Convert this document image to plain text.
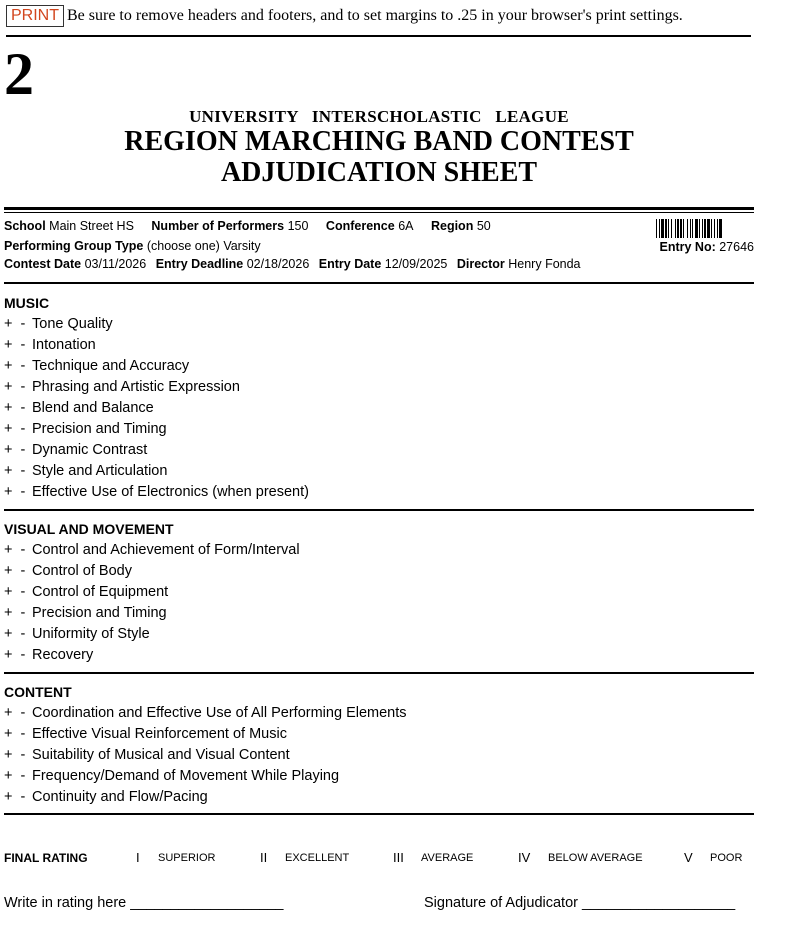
PRINT Be sure to remove headers and footers, and to set margins to .25 in your browser's print settings.
2
UNIVERSITY   INTERSCHOLASTIC   LEAGUE
REGION MARCHING BAND CONTEST
ADJUDICATION SHEET
School Main Street HS Number of Performers 150 Conference 6A Region 50
Performing Group Type (choose one) Varsity
Contest Date 03/11/2026 Entry Deadline 02/18/2026 Entry Date 12/09/2025 Director Henry Fonda
Entry No: 27646
MUSIC
+  - Tone Quality
+  - Intonation
+  - Technique and Accuracy
+  - Phrasing and Artistic Expression
+  - Blend and Balance
+  - Precision and Timing
+  - Dynamic Contrast
+  - Style and Articulation
+  - Effective Use of Electronics (when present)
VISUAL AND MOVEMENT
+  - Control and Achievement of Form/Interval
+  - Control of Body
+  - Control of Equipment
+  - Precision and Timing
+  - Uniformity of Style
+  - Recovery
CONTENT
+  - Coordination and Effective Use of All Performing Elements
+  - Effective Visual Reinforcement of Music
+  - Suitability of Musical and Visual Content
+  - Frequency/Demand of Movement While Playing
+  - Continuity and Flow/Pacing
FINAL RATING	I SUPERIOR	II EXCELLENT	III AVERAGE	IV BELOW AVERAGE	V POOR
Write in rating here ___________________	Signature of Adjudicator ___________________
